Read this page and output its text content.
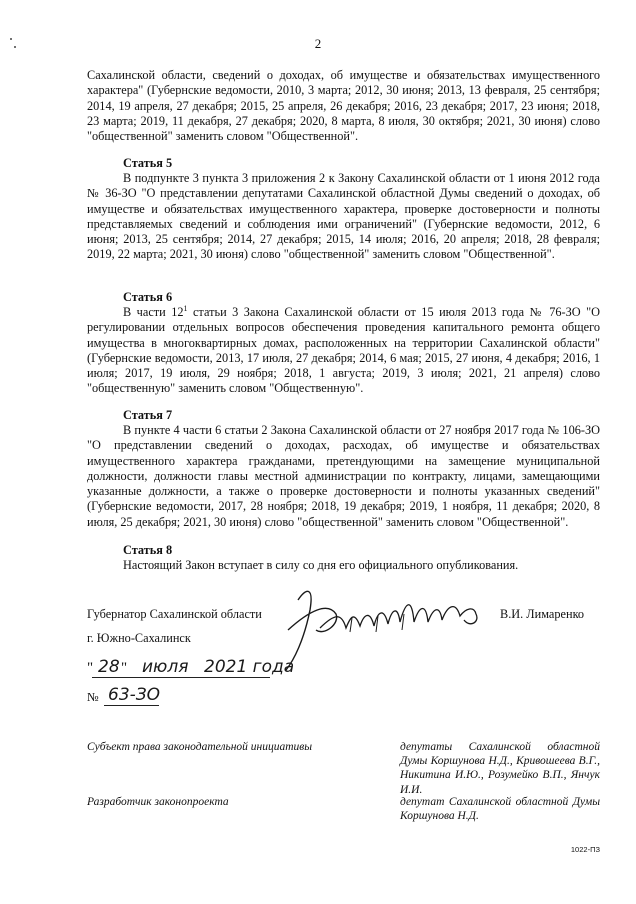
2
Сахалинской области, сведений о доходах, об имуществе и обязательствах имущественного характера" (Губернские ведомости, 2010, 3 марта; 2012, 30 июня; 2013, 13 февраля, 25 сентября; 2014, 19 апреля, 27 декабря; 2015, 25 апреля, 26 декабря; 2016, 23 декабря; 2017, 23 июня; 2018, 23 марта; 2019, 11 декабря, 27 декабря; 2020, 8 марта, 8 июля, 30 октября; 2021, 30 июня) слово "общественной" заменить словом "Общественной".
Статья 5
В подпункте 3 пункта 3 приложения 2 к Закону Сахалинской области от 1 июня 2012 года № 36-ЗО "О представлении депутатами Сахалинской областной Думы сведений о доходах, об имуществе и обязательствах имущественного характера, проверке достоверности и полноты представляемых сведений и соблюдения ими ограничений" (Губернские ведомости, 2012, 6 июня; 2013, 25 сентября; 2014, 27 декабря; 2015, 14 июля; 2016, 20 апреля; 2018, 28 февраля; 2019, 22 марта; 2021, 30 июня) слово "общественной" заменить словом "Общественной".
Статья 6
В части $12^1$ статьи 3 Закона Сахалинской области от 15 июля 2013 года № 76-ЗО "О регулировании отдельных вопросов обеспечения проведения капитального ремонта общего имущества в многоквартирных домах, расположенных на территории Сахалинской области" (Губернские ведомости, 2013, 17 июля, 27 декабря; 2014, 6 мая; 2015, 27 июня, 4 декабря; 2016, 1 июля; 2017, 19 июля, 29 ноября; 2018, 1 августа; 2019, 3 июля; 2021, 21 апреля) слово "общественную" заменить словом "Общественную".
Статья 7
В пункте 4 части 6 статьи 2 Закона Сахалинской области от 27 ноября 2017 года № 106-ЗО "О представлении сведений о доходах, расходах, об имуществе и обязательствах имущественного характера гражданами, претендующими на замещение муниципальной должности, должности главы местной администрации по контракту, лицами, замещающими указанные должности, а также о проверке достоверности и полноты указанных сведений" (Губернские ведомости, 2017, 28 ноября; 2018, 19 декабря; 2019, 1 ноября, 11 декабря; 2020, 8 июля, 25 декабря; 2021, 30 июня) слово "общественной" заменить словом "Общественной".
Статья 8
Настоящий Закон вступает в силу со дня его официального опубликования.
Губернатор Сахалинской области	В.И. Лимаренко
г. Южно-Сахалинск
" 28 " июля 2021 года
№ 63-ЗО
Субъект права законодательной инициативы	депутаты Сахалинской областной Думы Коршунова Н.Д., Кривошеева В.Г., Никитина И.Ю., Розумейко В.П., Янчук И.И.
Разработчик законопроекта	депутат Сахалинской областной Думы Коршунова Н.Д.
1022-ПЗ
